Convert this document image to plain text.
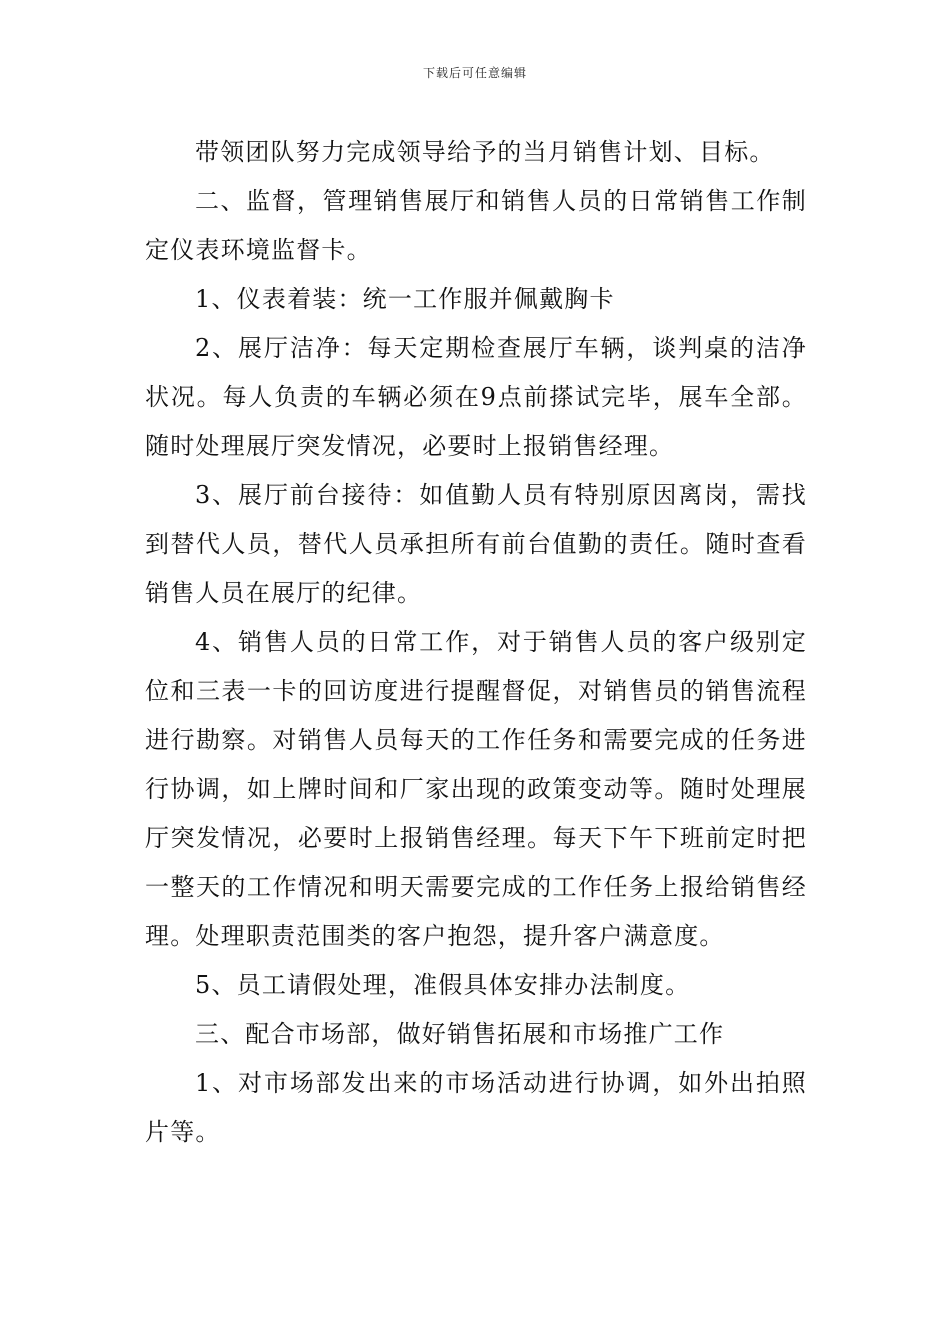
下载后可任意编辑

带领团队努力完成领导给予的当月销售计划、目标。

二、监督，管理销售展厅和销售人员的日常销售工作制定仪表环境监督卡。

1、仪表着装：统一工作服并佩戴胸卡

2、展厅洁净：每天定期检查展厅车辆，谈判桌的洁净状况。每人负责的车辆必须在9点前搽试完毕，展车全部。随时处理展厅突发情况，必要时上报销售经理。

3、展厅前台接待：如值勤人员有特别原因离岗，需找到替代人员，替代人员承担所有前台值勤的责任。随时查看销售人员在展厅的纪律。

4、销售人员的日常工作，对于销售人员的客户级别定位和三表一卡的回访度进行提醒督促，对销售员的销售流程进行勘察。对销售人员每天的工作任务和需要完成的任务进行协调，如上牌时间和厂家出现的政策变动等。随时处理展厅突发情况，必要时上报销售经理。每天下午下班前定时把一整天的工作情况和明天需要完成的工作任务上报给销售经理。处理职责范围类的客户抱怨，提升客户满意度。

5、员工请假处理，准假具体安排办法制度。

三、配合市场部，做好销售拓展和市场推广工作

1、对市场部发出来的市场活动进行协调，如外出拍照片等。
